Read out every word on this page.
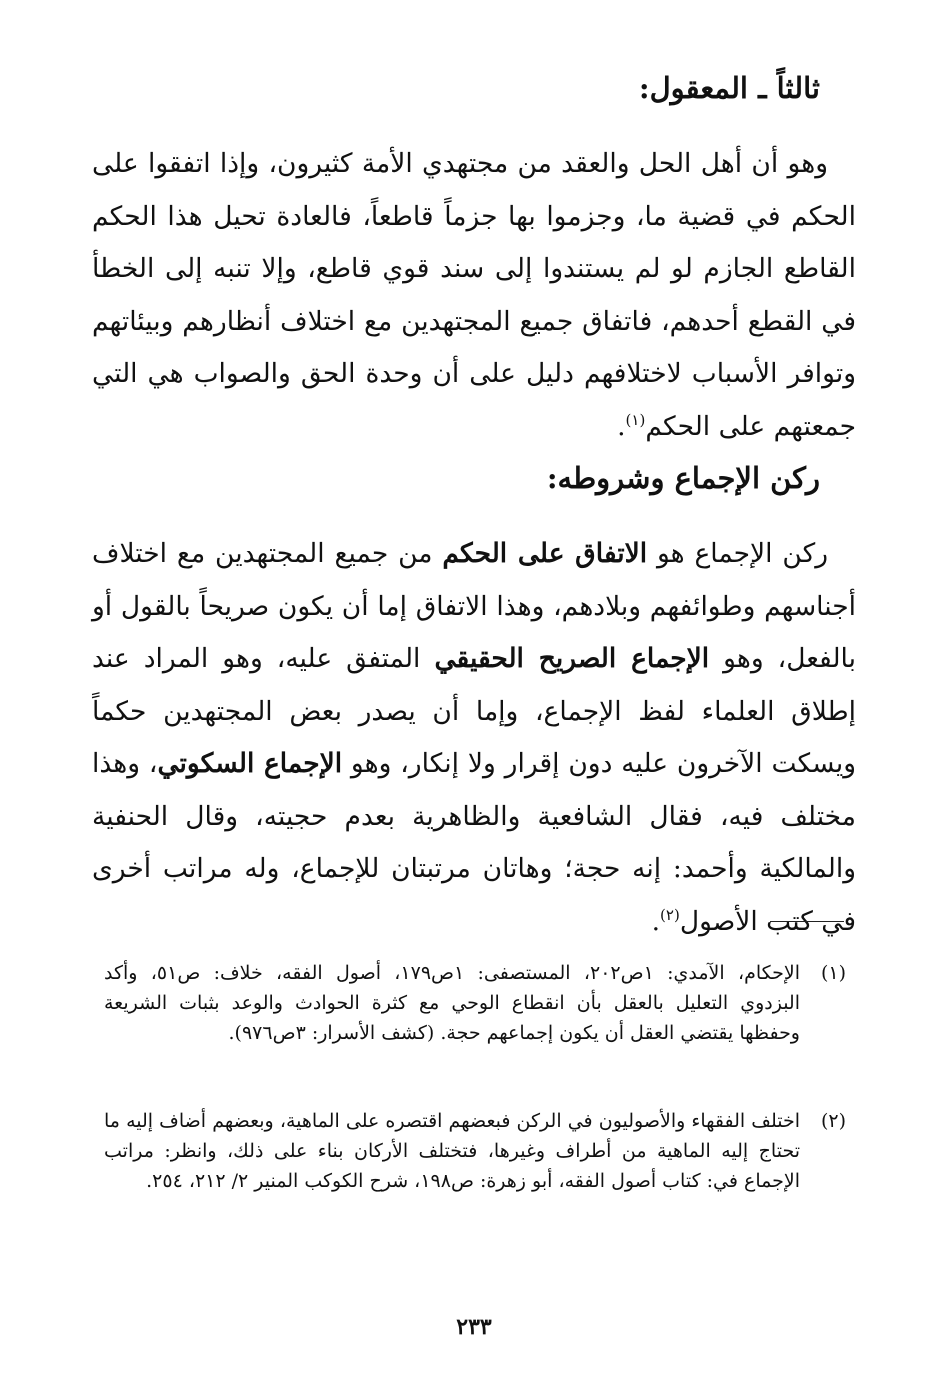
ثالثاً ـ المعقول:

وهو أن أهل الحل والعقد من مجتهدي الأمة كثيرون، وإذا اتفقوا على الحكم في قضية ما، وجزموا بها جزماً قاطعاً، فالعادة تحيل هذا الحكم القاطع الجازم لو لم يستندوا إلى سند قوي قاطع، وإلا تنبه إلى الخطأ في القطع أحدهم، فاتفاق جميع المجتهدين مع اختلاف أنظارهم وبيئاتهم وتوافر الأسباب لاختلافهم دليل على أن وحدة الحق والصواب هي التي جمعتهم على الحكم$^{(١)}$.

ركن الإجماع وشروطه:

ركن الإجماع هو الاتفاق على الحكم من جميع المجتهدين مع اختلاف أجناسهم وطوائفهم وبلادهم، وهذا الاتفاق إما أن يكون صريحاً بالقول أو بالفعل، وهو الإجماع الصريح الحقيقي المتفق عليه، وهو المراد عند إطلاق العلماء لفظ الإجماع، وإما أن يصدر بعض المجتهدين حكماً ويسكت الآخرون عليه دون إقرار ولا إنكار، وهو الإجماع السكوتي، وهذا مختلف فيه، فقال الشافعية والظاهرية بعدم حجيته، وقال الحنفية والمالكية وأحمد: إنه حجة؛ وهاتان مرتبتان للإجماع، وله مراتب أخرى في كتب الأصول$^{(٢)}$.

(١)

الإحكام، الآمدي: ١ص٢٠٢، المستصفى: ١ص١٧٩، أصول الفقه، خلاف: ص٥١، وأكد البزدوي التعليل بالعقل بأن انقطاع الوحي مع كثرة الحوادث والوعد بثبات الشريعة وحفظها يقتضي العقل أن يكون إجماعهم حجة. (كشف الأسرار: ٣ص٩٧٦).

(٢)

اختلف الفقهاء والأصوليون في الركن فبعضهم اقتصره على الماهية، وبعضهم أضاف إليه ما تحتاج إليه الماهية من أطراف وغيرها، فتختلف الأركان بناء على ذلك، وانظر: مراتب الإجماع في: كتاب أصول الفقه، أبو زهرة: ص١٩٨، شرح الكوكب المنير ٢/ ٢١٢، ٢٥٤.

٢٣٣
